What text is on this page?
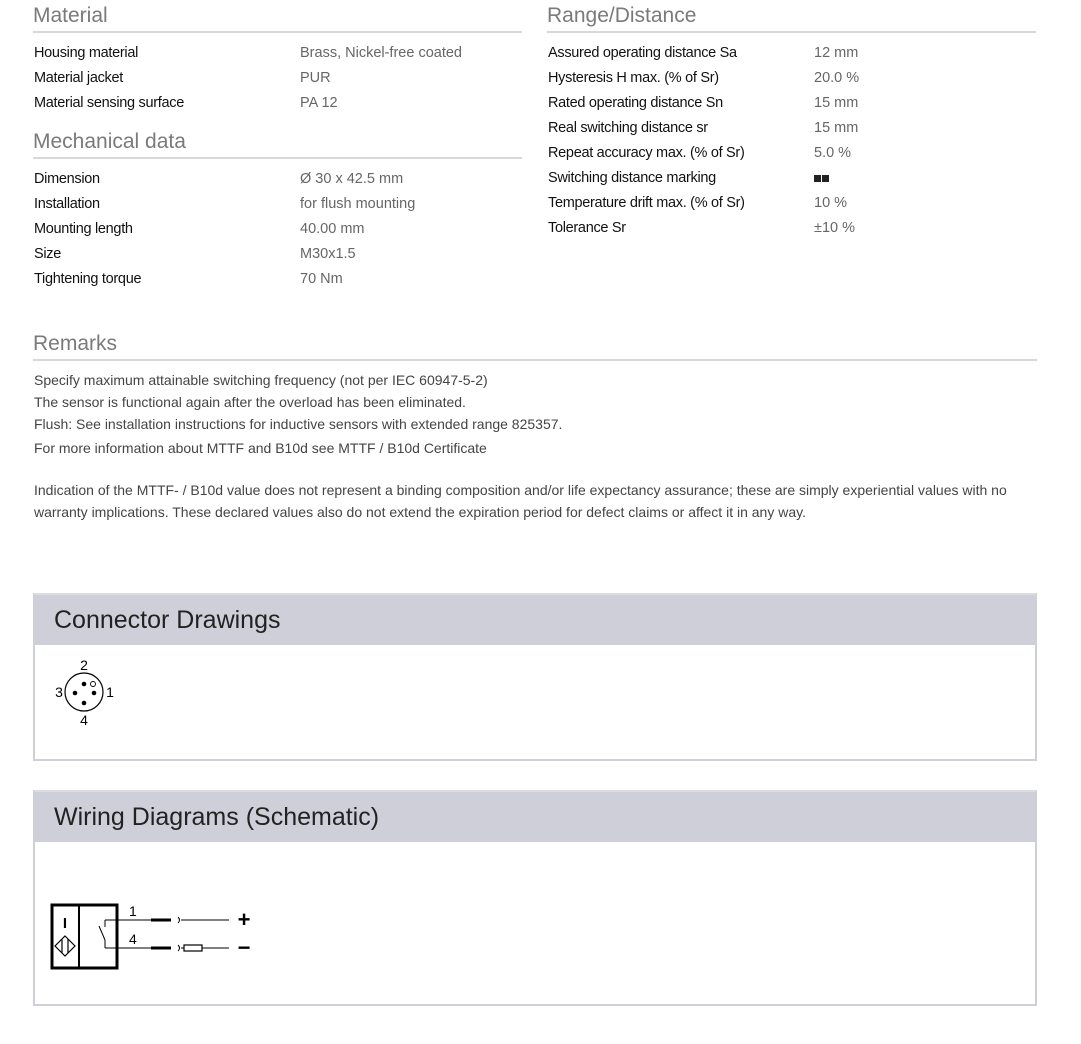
Material
Housing material	Brass, Nickel-free coated
Material jacket	PUR
Material sensing surface	PA 12
Mechanical data
Dimension	Ø 30 x 42.5 mm
Installation	for flush mounting
Mounting length	40.00 mm
Size	M30x1.5
Tightening torque	70 Nm
Range/Distance
Assured operating distance Sa	12 mm
Hysteresis H max. (% of Sr)	20.0 %
Rated operating distance Sn	15 mm
Real switching distance sr	15 mm
Repeat accuracy max. (% of Sr)	5.0 %
Switching distance marking
Temperature drift max. (% of Sr)	10 %
Tolerance Sr	±10 %
Remarks
Specify maximum attainable switching frequency (not per IEC 60947-5-2)
The sensor is functional again after the overload has been eliminated.
Flush: See installation instructions for inductive sensors with extended range 825357.
For more information about MTTF and B10d see MTTF / B10d Certificate
Indication of the MTTF- / B10d value does not represent a binding composition and/or life expectancy assurance; these are simply experiential values with no warranty implications. These declared values also do not extend the expiration period for defect claims or affect it in any way.
Connector Drawings
2
3	1
4
Wiring Diagrams (Schematic)
I
1	+
4	−
